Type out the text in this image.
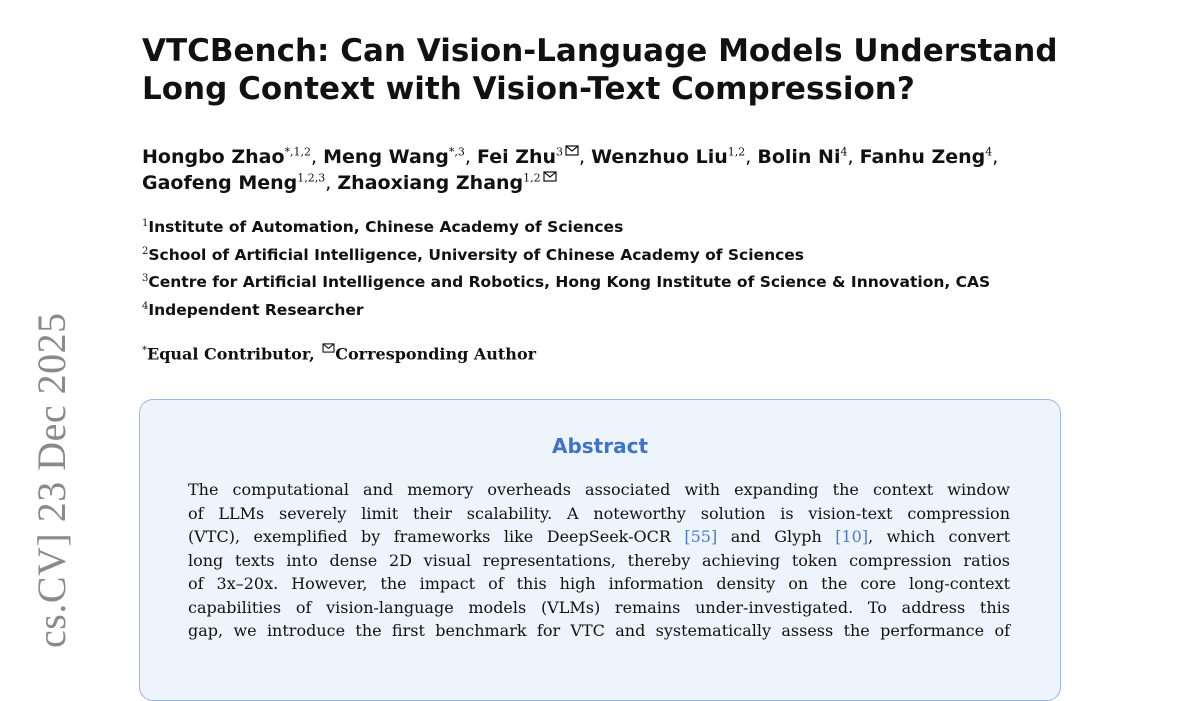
cs.CV] 23 Dec 2025
VTCBench: Can Vision-Language Models Understand
Long Context with Vision-Text Compression?
Hongbo Zhao$^{*,1,2}$, Meng Wang$^{*,3}$, Fei Zhu$^3$ , Wenzhuo Liu$^{1,2}$, Bolin Ni$^4$, Fanhu Zeng$^4$,
Gaofeng Meng$^{1,2,3}$, Zhaoxiang Zhang$^{1,2}$
$^1$Institute of Automation, Chinese Academy of Sciences
$^2$School of Artificial Intelligence, University of Chinese Academy of Sciences
$^3$Centre for Artificial Intelligence and Robotics, Hong Kong Institute of Science & Innovation, CAS
$^4$Independent Researcher
*Equal Contributor, Corresponding Author
Abstract
The computational and memory overheads associated with expanding the context window
of LLMs severely limit their scalability. A noteworthy solution is vision-text compression
(VTC), exemplified by frameworks like DeepSeek-OCR [55] and Glyph [10], which convert
long texts into dense 2D visual representations, thereby achieving token compression ratios
of 3x–20x. However, the impact of this high information density on the core long-context
capabilities of vision-language models (VLMs) remains under-investigated. To address this
gap, we introduce the first benchmark for VTC and systematically assess the performance of
